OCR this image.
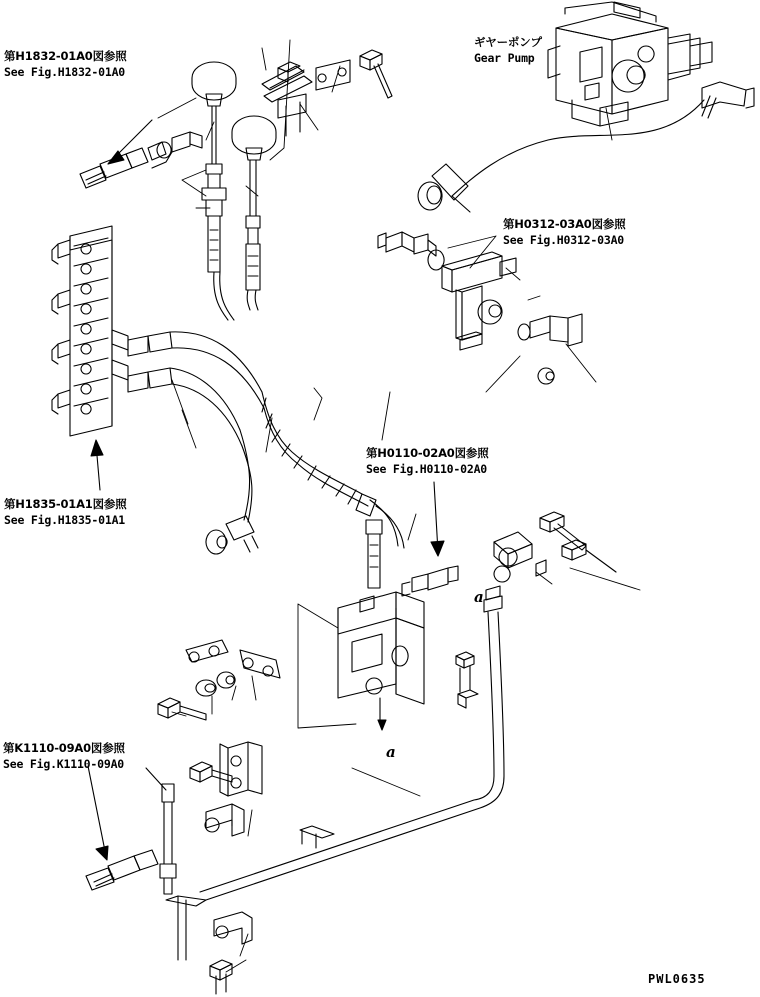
第H1832-01A0図参照
See Fig.H1832-01A0
ギヤーポンプ
Gear Pump
第H0312-03A0図参照
See Fig.H0312-03A0
第H0110-02A0図参照
See Fig.H0110-02A0
第H1835-01A1図参照
See Fig.H1835-01A1
第K1110-09A0図参照
See Fig.K1110-09A0
a
a
PWL0635
